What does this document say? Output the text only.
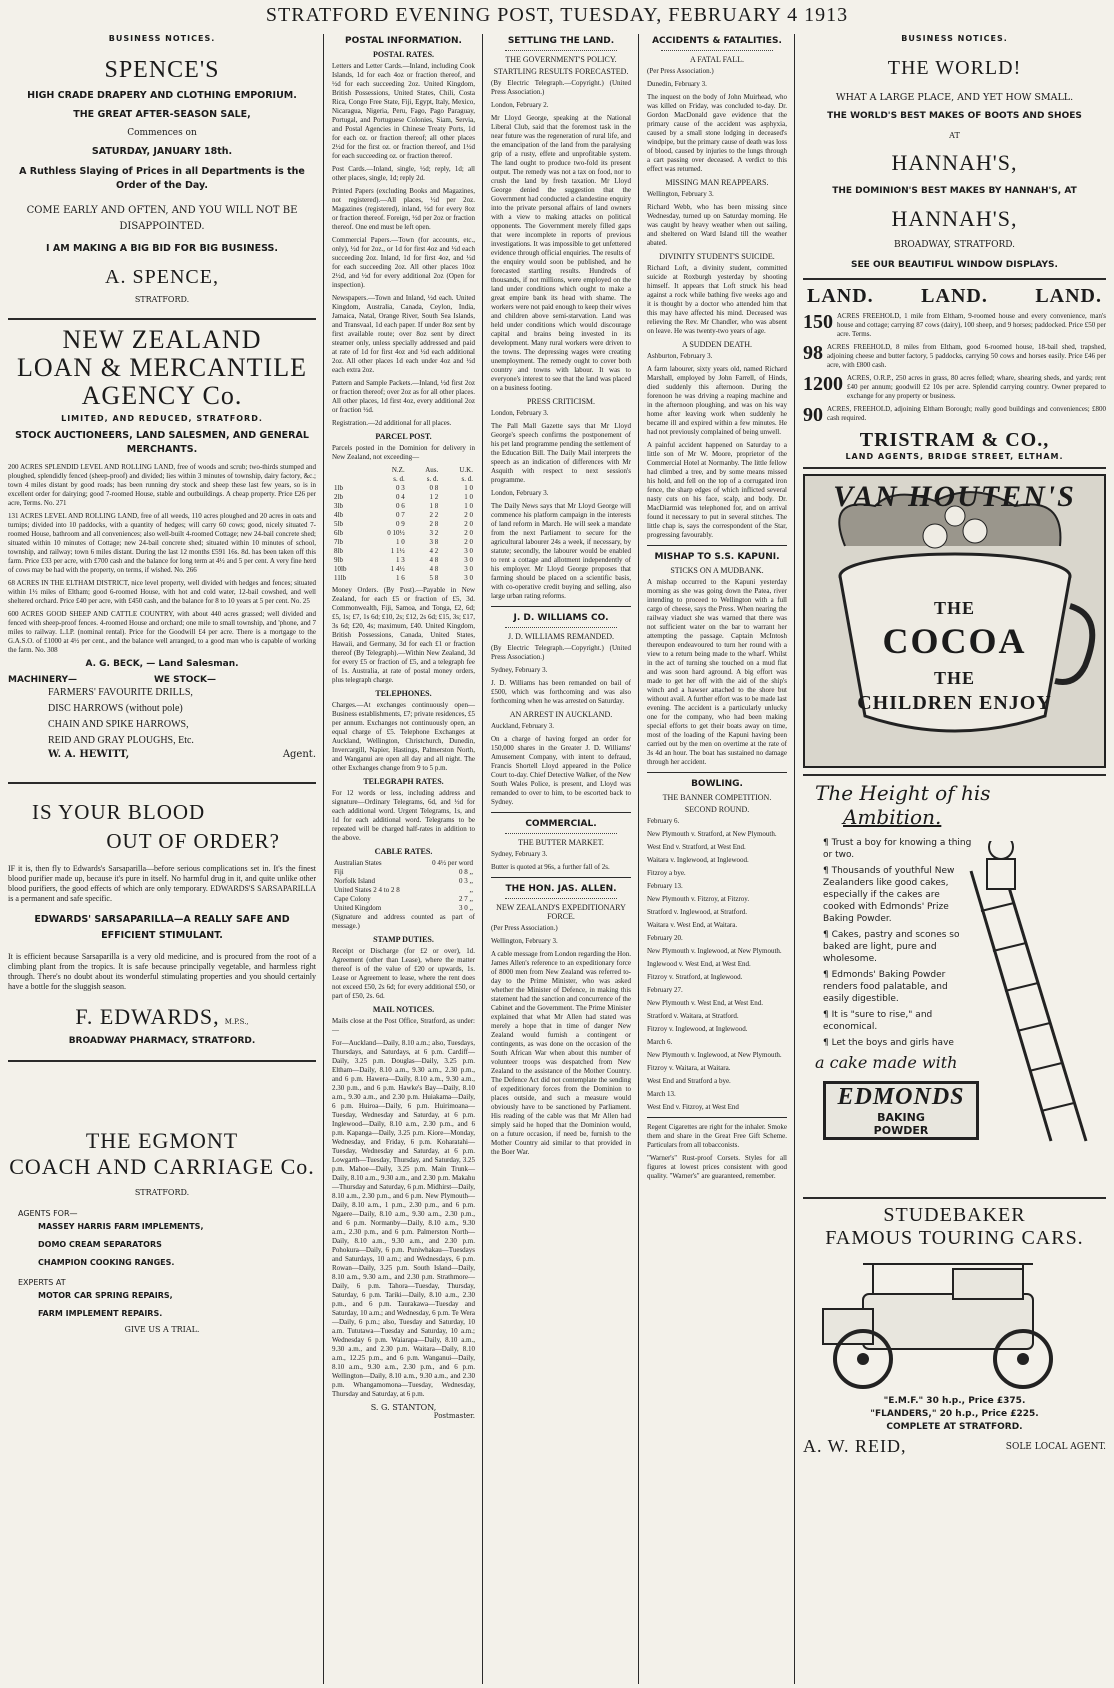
STRATFORD EVENING POST, TUESDAY, FEBRUARY 4 1913
BUSINESS NOTICES.
SPENCE'S
HIGH CRADE DRAPERY AND CLOTHING EMPORIUM.
THE GREAT AFTER-SEASON SALE,
Commences on
SATURDAY, JANUARY 18th.
A Ruthless Slaying of Prices in all Departments is the Order of the Day.
COME EARLY AND OFTEN, AND YOU WILL NOT BE DISAPPOINTED.
I AM MAKING A BIG BID FOR BIG BUSINESS.
A. SPENCE,
STRATFORD.
NEW ZEALAND
LOAN & MERCANTILE
AGENCY Co.
LIMITED, AND REDUCED, STRATFORD.
STOCK AUCTIONEERS, LAND SALESMEN, AND GENERAL MERCHANTS.

200 ACRES SPLENDID LEVEL AND ROLLING LAND, free of woods and scrub; two-thirds stumped and ploughed, splendidly fenced (sheep-proof) and divided; lies within 3 minutes of township, dairy factory, &c.; town 4 miles distant by good roads; has been running dry stock and sheep these last few years, so is in excellent order for dairying; good 7-roomed House, stable and outbuildings. A cheap property. Price £26 per acre, Terms. No. 271

131 ACRES LEVEL AND ROLLING LAND, free of all weeds, 110 acres ploughed and 20 acres in oats and turnips; divided into 10 paddocks, with a quantity of hedges; will carry 60 cows; good, nicely situated 7-roomed House, bathroom and all conveniences; also well-built 4-roomed Cottage; new 24-bail concrete shed; situated within 10 minutes of Cottage; new 24-bail concrete shed; situated within 10 minutes of school, township, and railway; town 6 miles distant. During the last 12 months £591 16s. 8d. has been taken off this farm. Price £33 per acre, with £700 cash and the balance for long term at 4½ and 5 per cent. A very fine herd of cows may be had with the property, on terms, if wished. No. 266

68 ACRES IN THE ELTHAM DISTRICT, nice level property, well divided with hedges and fences; situated within 1½ miles of Eltham; good 6-roomed House, with hot and cold water, 12-bail cowshed, and well sheltered orchard. Price £40 per acre, with £450 cash, and the balance for 8 to 10 years at 5 per cent. No. 25

600 ACRES GOOD SHEEP AND CATTLE COUNTRY, with about 440 acres grassed; well divided and fenced with sheep-proof fences. 4-roomed House and orchard; one mile to small township, and 'phone, and 7 miles to railway. L.I.P. (nominal rental). Price for the Goodwill £4 per acre. There is a mortgage to the G.A.S.O. of £1000 at 4½ per cent., and the balance well arranged, to a good man who is capable of working the farm. No. 308

A. G. BECK, — Land Salesman.
MACHINERY—	WE STOCK—
FARMERS' FAVOURITE DRILLS,
DISC HARROWS (without pole)
CHAIN AND SPIKE HARROWS,
REID AND GRAY PLOUGHS, Etc.
W. A. HEWITT,	Agent.
IS YOUR BLOOD
OUT OF ORDER?

IF it is, then fly to Edwards's Sarsaparilla—before serious complications set in. It's the finest blood purifier made up, because it's pure in itself. No harmful drug in it, and quite unlike other blood purifiers, the good effects of which are only temporary. EDWARDS'S SARSAPARILLA is a permanent and safe specific.

EDWARDS' SARSAPARILLA—A REALLY SAFE AND EFFICIENT STIMULANT.

It is efficient because Sarsaparilla is a very old medicine, and is procured from the root of a climbing plant from the tropics. It is safe because principally vegetable, and harmless right through. There's no doubt about its wonderful stimulating properties and you should certainly have a bottle for the sluggish season.

F. EDWARDS, M.P.S.,
BROADWAY PHARMACY, STRATFORD.
THE EGMONT
COACH AND CARRIAGE Co.
STRATFORD.
AGENTS FOR—
MASSEY HARRIS FARM IMPLEMENTS,
DOMO CREAM SEPARATORS
CHAMPION COOKING RANGES.
EXPERTS AT
MOTOR CAR SPRING REPAIRS,
FARM IMPLEMENT REPAIRS.
GIVE US A TRIAL.
POSTAL INFORMATION.
POSTAL RATES.

Letters and Letter Cards.—Inland, including Cook Islands, 1d for each 4oz or fraction thereof, and ½d for each succeeding 2oz. United Kingdom, British Possessions, United States, Chili, Costa Rica, Congo Free State, Fiji, Egypt, Italy, Mexico, Nicaragua, Nigeria, Peru, Fago, Pago Paraguay, Portugal, and Portuguese Colonies, Siam, Servia, and Postal Agencies in Chinese Treaty Ports, 1d for each oz. or fraction thereof; all other places 2½d for the first oz. or fraction thereof, and 1½d for each succeeding oz. or fraction thereof.

Post Cards.—Inland, single, ½d; reply, 1d; all other places, single, 1d; reply 2d.

Printed Papers (excluding Books and Magazines, not registered).—All places, ½d per 2oz. Magazines (registered), inland, ½d for every 8oz or fraction thereof. Foreign, ½d per 2oz or fraction thereof. One end must be left open.

Commercial Papers.—Town (for accounts, etc., only), ½d for 2oz., or 1d for first 4oz and ½d each succeeding 2oz. Inland, 1d for first 4oz, and ½d for each succeeding 2oz. All other places 10oz 2½d, and ½d for every additional 2oz (Open for inspection).

Newspapers.—Town and Inland, ½d each. United Kingdom, Australia, Canada, Ceylon, India, Jamaica, Natal, Orange River, South Sea Islands, and Transvaal, 1d each paper. If under 8oz sent by first available route; over 8oz sent by direct steamer only, unless specially addressed and paid at rate of 1d for first 4oz and ½d each additional 2oz. All other places 1d each under 4oz and ½d each extra 2oz.

Pattern and Sample Packets.—Inland, ½d first 2oz or fraction thereof; over 2oz as for all other places. All other places, 1d first 4oz, every additional 2oz or fraction ½d.

Registration.—2d additional for all places.

PARCEL POST.

Parcels posted in the Dominion for delivery in New Zealand, not exceeding—

	N.Z.	Aus.	U.K.
	s. d.	s. d.	s. d.
1lb	0 3	0 8	1 0
2lb	0 4	1 2	1 0
3lb	0 6	1 8	1 0
4lb	0 7	2 2	2 0
5lb	0 9	2 8	2 0
6lb	0 10½	3 2	2 0
7lb	1 0	3 8	2 0
8lb	1 1½	4 2	3 0
9lb	1 3	4 8	3 0
10lb	1 4½	4 8	3 0
11lb	1 6	5 8	3 0

Money Orders. (By Post).—Payable in New Zealand, for each £5 or fraction of £5, 3d. Commonwealth, Fiji, Samoa, and Tonga, £2, 6d; £5, 1s; £7, 1s 6d; £10, 2s; £12, 2s 6d; £15, 3s; £17, 3s 6d; £20, 4s; maximum, £40. United Kingdom, British Possessions, Canada, United States, Hawaii, and Germany, 3d for each £1 or fraction thereof (By Telegraph).—Within New Zealand, 3d for every £5 or fraction of £5, and a telegraph fee of 1s. Australia, at rate of postal money orders, plus telegraph charge.

TELEPHONES.

Charges.—At exchanges continuously open—Business establishments, £7; private residences, £5 per annum. Exchanges not continuously open, an equal charge of £5. Telephone Exchanges at Auckland, Wellington, Christchurch, Dunedin, Invercargill, Napier, Hastings, Palmerston North, and Wanganui are open all day and all night. The other Exchanges change from 9 to 5 p.m.

TELEGRAPH RATES.

For 12 words or less, including address and signature—Ordinary Telegrams, 6d, and ½d for each additional word. Urgent Telegrams, 1s, and 1d for each additional word. Telegrams to be repeated will be charged half-rates in addition to the above.

CABLE RATES.
Australian States	0 4½ per word
Fiji	0 8 ,,
Norfolk Island	0 3 ,,
United States 2 4 to 2 8	,,
Cape Colony	2 7 ,,
United Kingdom	3 0 ,,

(Signature and address counted as part of message.)

STAMP DUTIES.

Receipt or Discharge (for £2 or over), 1d. Agreement (other than Lease), where the matter thereof is of the value of £20 or upwards, 1s. Lease or Agreement to lease, where the rent does not exceed £50, 2s 6d; for every additional £50, or part of £50, 2s. 6d.

MAIL NOTICES.

Mails close at the Post Office, Stratford, as under:—

For—Auckland—Daily, 8.10 a.m.; also, Tuesdays, Thursdays, and Saturdays, at 6 p.m. Cardiff—Daily, 3.25 p.m. Douglas—Daily, 3.25 p.m. Eltham—Daily, 8.10 a.m., 9.30 a.m., 2.30 p.m., and 6 p.m. Hawera—Daily, 8.10 a.m., 9.30 a.m., 2.30 p.m., and 6 p.m. Hawke's Bay—Daily, 8.10 a.m., 9.30 a.m., and 2.30 p.m. Huiakama—Daily, 6 p.m. Huiroa—Daily, 6 p.m. Huirimoana—Tuesday, Wednesday and Saturday, at 6 p.m. Inglewood—Daily, 8.10 a.m., 2.30 p.m., and 6 p.m. Kapanga—Daily, 3.25 p.m. Kiore—Monday, Wednesday, and Friday, 6 p.m. Koharatahi—Tuesday, Wednesday and Saturday, at 6 p.m. Lowgarth—Tuesday, Thursday, and Saturday, 3.25 p.m. Mahoe—Daily, 3.25 p.m. Main Trunk—Daily, 8.10 a.m., 9.30 a.m., and 2.30 p.m. Makahu—Thursday and Saturday, 6 p.m. Midhirst—Daily, 8.10 a.m., 2.30 p.m., and 6 p.m. New Plymouth—Daily, 8.10 a.m., 1 p.m., 2.30 p.m., and 6 p.m. Ngaere—Daily, 8.10 a.m., 9.30 a.m., 2.30 p.m., and 6 p.m. Normanby—Daily, 8.10 a.m., 9.30 a.m., 2.30 p.m., and 6 p.m. Palmerston North—Daily, 8.10 a.m., 9.30 a.m., and 2.30 p.m. Pohokura—Daily, 6 p.m. Puniwhakau—Tuesdays and Saturdays, 10 a.m.; and Wednesdays, 6 p.m. Rowan—Daily, 3.25 p.m. South Island—Daily, 8.10 a.m., 9.30 a.m., and 2.30 p.m. Strathmore—Daily, 6 p.m. Tahora—Tuesday, Thursday, Saturday, 6 p.m. Tariki—Daily, 8.10 a.m., 2.30 p.m., and 6 p.m. Taurakawa—Tuesday and Saturday, 10 a.m.; and Wednesday, 6 p.m. Te Wera—Daily, 6 p.m.; also, Tuesday and Saturday, 10 a.m. Tututawa—Tuesday and Saturday, 10 a.m.; Wednesday 6 p.m. Waiarapa—Daily, 8.10 a.m., 9.30 a.m., and 2.30 p.m. Waitara—Daily, 8.10 a.m., 12.25 p.m., and 6 p.m. Wanganui—Daily, 8.10 a.m., 9.30 a.m., 2.30 p.m., and 6 p.m. Wellington—Daily, 8.10 a.m., 9.30 a.m., and 2.30 p.m. Whangamomona—Tuesday, Wednesday, Thursday and Saturday, at 6 p.m.

S. G. STANTON,
Postmaster.
SETTLING THE LAND.
THE GOVERNMENT'S POLICY.
STARTLING RESULTS FORECASTED.

(By Electric Telegraph.—Copyright.) (United Press Association.)

London, February 2.

Mr Lloyd George, speaking at the National Liberal Club, said that the foremost task in the near future was the regeneration of rural life, and the emancipation of the land from the paralysing grip of a rusty, effete and unprofitable system. The land ought to produce two-fold its present output. The remedy was not a tax on food, nor to crush the land by fresh taxation. Mr Lloyd George denied the suggestion that the Government had conducted a clandestine enquiry into the private personal affairs of land owners with a view to making attacks on political opponents. The Government merely filled gaps that were incomplete in reports of previous investigations. It was impossible to get unfettered evidence through official enquiries. The results of the enquiry would soon be published, and he forecasted startling results. Hundreds of thousands, if not millions, were employed on the land under conditions which ought to make a great empire bank its head with shame. The workers were not paid enough to keep their wives and children above semi-starvation. Land was held under conditions which would discourage capital and brains being invested in its development. Many rural workers were driven to the towns. The depressing wages were creating unemployment. The remedy ought to cover both country and towns with labour. It was to everyone's interest to see that the land was placed on a business footing.

PRESS CRITICISM.

London, February 3.

The Pall Mall Gazette says that Mr Lloyd George's speech confirms the postponement of his pet land programme pending the settlement of the Education Bill. The Daily Mail interprets the speech as an indication of differences with Mr Asquith with respect to next session's programme.

London, February 3.

The Daily News says that Mr Lloyd George will commence his platform campaign in the interests of land reform in March. He will seek a mandate from the next Parliament to secure for the agricultural labourer 24s a week, if necessary, by statute; secondly, the labourer would be enabled to rent a cottage and allotment independently of his employer. Mr Lloyd George proposes that farming should be placed on a scientific basis, with co-operative credit buying and selling, also large urban rating reforms.

J. D. WILLIAMS CO.
J. D. WILLIAMS REMANDED.

(By Electric Telegraph.—Copyright.) (United Press Association.)

Sydney, February 3.

J. D. Williams has been remanded on bail of £500, which was forthcoming and was also forthcoming when he was arrested on Saturday.

AN ARREST IN AUCKLAND.

Auckland, February 3.

On a charge of having forged an order for 150,000 shares in the Greater J. D. Williams' Amusement Company, with intent to defraud, Francis Shortell Lloyd appeared in the Police Court to-day. Chief Detective Walker, of the New South Wales Police, is present, and Lloyd was remanded to over to him, to be escorted back to Sydney.

COMMERCIAL.
THE BUTTER MARKET.

Sydney, February 3.

Butter is quoted at 96s, a further fall of 2s.

THE HON. JAS. ALLEN.
NEW ZEALAND'S EXPEDITIONARY FORCE.

(Per Press Association.)

Wellington, February 3.

A cable message from London regarding the Hon. James Allen's reference to an expeditionary force of 8000 men from New Zealand was referred to-day to the Prime Minister, who was asked whether the Minister of Defence, in making this statement had the sanction and concurrence of the Cabinet and the Government. The Prime Minister explained that what Mr Allen had stated was merely a hope that in time of danger New Zealand would furnish a contingent or contingents, as was done on the occasion of the South African War when about this number of volunteer troops was despatched from New Zealand to the assistance of the Mother Country. The Defence Act did not contemplate the sending of expeditionary forces from the Dominion to places outside, and such a measure would obviously have to be sanctioned by Parliament. His reading of the cable was that Mr Allen had simply said he hoped that the Dominion would, on a future occasion, if need be, furnish to the Mother Country aid similar to that provided in the Boer War.

ACCIDENTS & FATALITIES.
A FATAL FALL.

(Per Press Association.)

Dunedin, February 3.

The inquest on the body of John Muirhead, who was killed on Friday, was concluded to-day. Dr. Gordon MacDonald gave evidence that the primary cause of the accident was asphyxia, caused by a small stone lodging in deceased's windpipe, but the primary cause of death was loss of blood, caused by injuries to the lungs through a cart passing over deceased. A verdict to this effect was returned.

MISSING MAN REAPPEARS.

Wellington, February 3.

Richard Webb, who has been missing since Wednesday, turned up on Saturday morning. He was caught by heavy weather when out sailing, and sheltered on Ward Island till the weather abated.

DIVINITY STUDENT'S SUICIDE.

Richard Loft, a divinity student, committed suicide at Roxburgh yesterday by shooting himself. It appears that Loft struck his head against a rock while bathing five weeks ago and it is thought by a doctor who attended him that this may have affected his mind. Deceased was relieving the Rev. Mr Chandler, who was absent on leave. He was twenty-two years of age.

A SUDDEN DEATH.

Ashburton, February 3.

A farm labourer, sixty years old, named Richard Marshall, employed by John Farrell, of Hinds, died suddenly this afternoon. During the forenoon he was driving a reaping machine and in the afternoon ploughing, and was on his way home after leaving work when suddenly he became ill and expired within a few minutes. He had not previously complained of being unwell.

A painful accident happened on Saturday to a little son of Mr W. Moore, proprietor of the Commercial Hotel at Normanby. The little fellow had climbed a tree, and by some means missed his hold, and fell on the top of a corrugated iron fence, the sharp edges of which inflicted several nasty cuts on his face, scalp, and body. Dr. MacDiarmid was telephoned for, and on arrival found it necessary to put in several stitches. The little chap is, says the correspondent of the Star, progressing favourably.

MISHAP TO S.S. KAPUNI.
STICKS ON A MUDBANK.

A mishap occurred to the Kapuni yesterday morning as she was going down the Patea, river intending to proceed to Wellington with a full cargo of cheese, says the Press. When nearing the railway viaduct she was warned that there was not sufficient water on the bar to warrant her attempting the passage. Captain McIntosh thereupon endeavoured to turn her round with a view to a return being made to the wharf. Whilst in the act of turning she touched on a mud flat and was soon hard aground. A big effort was made to get her off with the aid of the ship's winch and a hawser attached to the shore but without avail. A further effort was to be made last evening. The accident is a particularly unlucky one for the company, who had been making special efforts to get their boats away on time, most of the loading of the Kapuni having been carried out by the men on overtime at the rate of 3s 4d an hour. The boat has sustained no damage through her accident.

BOWLING.
THE BANNER COMPETITION.
SECOND ROUND.

February 6.

New Plymouth v. Stratford, at New Plymouth.

West End v. Stratford, at West End.

Waitara v. Inglewood, at Inglewood.

Fitzroy a bye.

February 13.

New Plymouth v. Fitzroy, at Fitzroy.

Stratford v. Inglewood, at Stratford.

Waitara v. West End, at Waitara.

February 20.

New Plymouth v. Inglewood, at New Plymouth.

Inglewood v. West End, at West End.

Fitzroy v. Stratford, at Inglewood.

February 27.

New Plymouth v. West End, at West End.

Stratford v. Waitara, at Stratford.

Fitzroy v. Inglewood, at Inglewood.

March 6.

New Plymouth v. Inglewood, at New Plymouth.

Fitzroy v. Waitara, at Waitara.

West End and Stratford a bye.

March 13.

West End v. Fitzroy, at West End

Regent Cigarettes are right for the inhaler. Smoke them and share in the Great Free Gift Scheme. Particulars from all tobacconists.

"Warner's" Rust-proof Corsets. Styles for all figures at lowest prices consistent with good quality. "Warner's" are guaranteed, remember.

BUSINESS NOTICES.
THE WORLD!
WHAT A LARGE PLACE, AND YET HOW SMALL.
THE WORLD'S BEST MAKES OF BOOTS AND SHOES
AT
HANNAH'S,
THE DOMINION'S BEST MAKES BY HANNAH'S, AT
HANNAH'S,
BROADWAY, STRATFORD.
SEE OUR BEAUTIFUL WINDOW DISPLAYS.
LAND. LAND. LAND.
150 ACRES FREEHOLD, 1 mile from Eltham, 9-roomed house and every convenience, man's house and cottage; carrying 87 cows (dairy), 100 sheep, and 9 horses; paddocked. Price £50 per acre. Terms.
98 ACRES FREEHOLD, 8 miles from Eltham, good 6-roomed house, 18-bail shed, trapshed, adjoining cheese and butter factory, 5 paddocks, carrying 50 cows and horses easily. Price £46 per acre, with £800 cash.
1200 ACRES, O.R.P., 250 acres in grass, 80 acres felled; whare, shearing sheds, and yards; rent £40 per annum; goodwill £2 10s per acre. Splendid carrying country. Owner prepared to exchange for any property or business.
90 ACRES, FREEHOLD, adjoining Eltham Borough; really good buildings and conveniences; £800 cash required.
TRISTRAM & CO.,
LAND AGENTS, BRIDGE STREET, ELTHAM.
VAN HOUTEN'S
THE
COCOA
THE
CHILDREN ENJOY
The Height of his
Ambition.

¶ Trust a boy for knowing a thing or two.

¶ Thousands of youthful New Zealanders like good cakes, especially if the cakes are cooked with Edmonds' Prize Baking Powder.

¶ Cakes, pastry and scones so baked are light, pure and wholesome.

¶ Edmonds' Baking Powder renders food palatable, and easily digestible.

¶ It is "sure to rise," and economical.

¶ Let the boys and girls have

a cake made with
EDMONDS
BAKING
POWDER
STUDEBAKER
FAMOUS TOURING CARS.
"E.M.F." 30 h.p., Price £375.
"FLANDERS," 20 h.p., Price £225.
COMPLETE AT STRATFORD.
A. W. REID,	SOLE LOCAL AGENT.
